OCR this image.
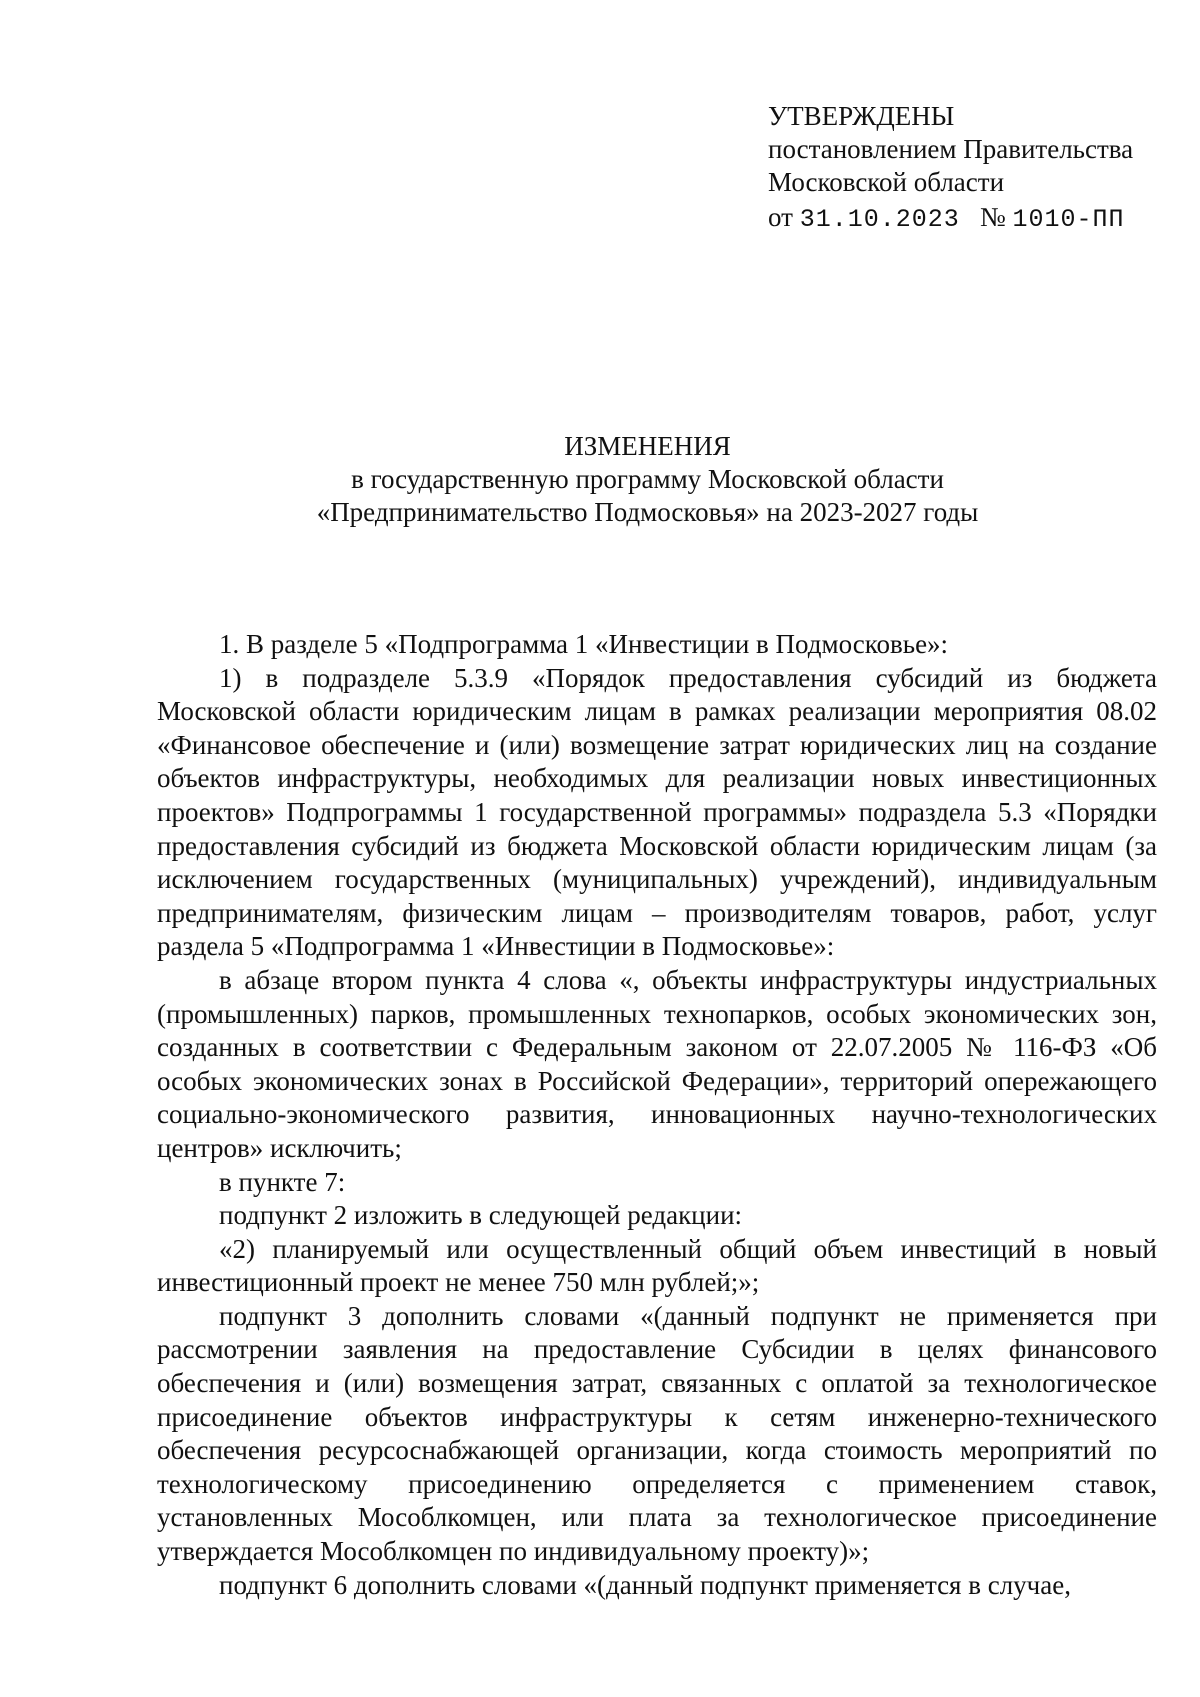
УТВЕРЖДЕНЫ
постановлением Правительства
Московской области
от 31.10.2023 № 1010-ПП
ИЗМЕНЕНИЯ
в государственную программу Московской области
«Предпринимательство Подмосковья» на 2023-2027 годы

1. В разделе 5 «Подпрограмма 1 «Инвестиции в Подмосковье»:

1) в подразделе 5.3.9 «Порядок предоставления субсидий из бюджета Московской области юридическим лицам в рамках реализации мероприятия 08.02 «Финансовое обеспечение и (или) возмещение затрат юридических лиц на создание объектов инфраструктуры, необходимых для реализации новых инвестиционных проектов» Подпрограммы 1 государственной программы» подраздела 5.3 «Порядки предоставления субсидий из бюджета Московской области юридическим лицам (за исключением государственных (муниципальных) учреждений), индивидуальным предпринимателям, физическим лицам – производителям товаров, работ, услуг раздела 5 «Подпрограмма 1 «Инвестиции в Подмосковье»:

в абзаце втором пункта 4 слова «, объекты инфраструктуры индустриальных (промышленных) парков, промышленных технопарков, особых экономических зон, созданных в соответствии с Федеральным законом от 22.07.2005 № 116-ФЗ «Об особых экономических зонах в Российской Федерации», территорий опережающего социально-экономического развития, инновационных научно-технологических центров» исключить;

в пункте 7:

подпункт 2 изложить в следующей редакции:

«2) планируемый или осуществленный общий объем инвестиций в новый инвестиционный проект не менее 750 млн рублей;»;

подпункт 3 дополнить словами «(данный подпункт не применяется при рассмотрении заявления на предоставление Субсидии в целях финансового обеспечения и (или) возмещения затрат, связанных с оплатой за технологическое присоединение объектов инфраструктуры к сетям инженерно-технического обеспечения ресурсоснабжающей организации, когда стоимость мероприятий по технологическому присоединению определяется с применением ставок, установленных Мособлкомцен, или плата за технологическое присоединение утверждается Мособлкомцен по индивидуальному проекту)»;

подпункт 6 дополнить словами «(данный подпункт применяется в случае,
